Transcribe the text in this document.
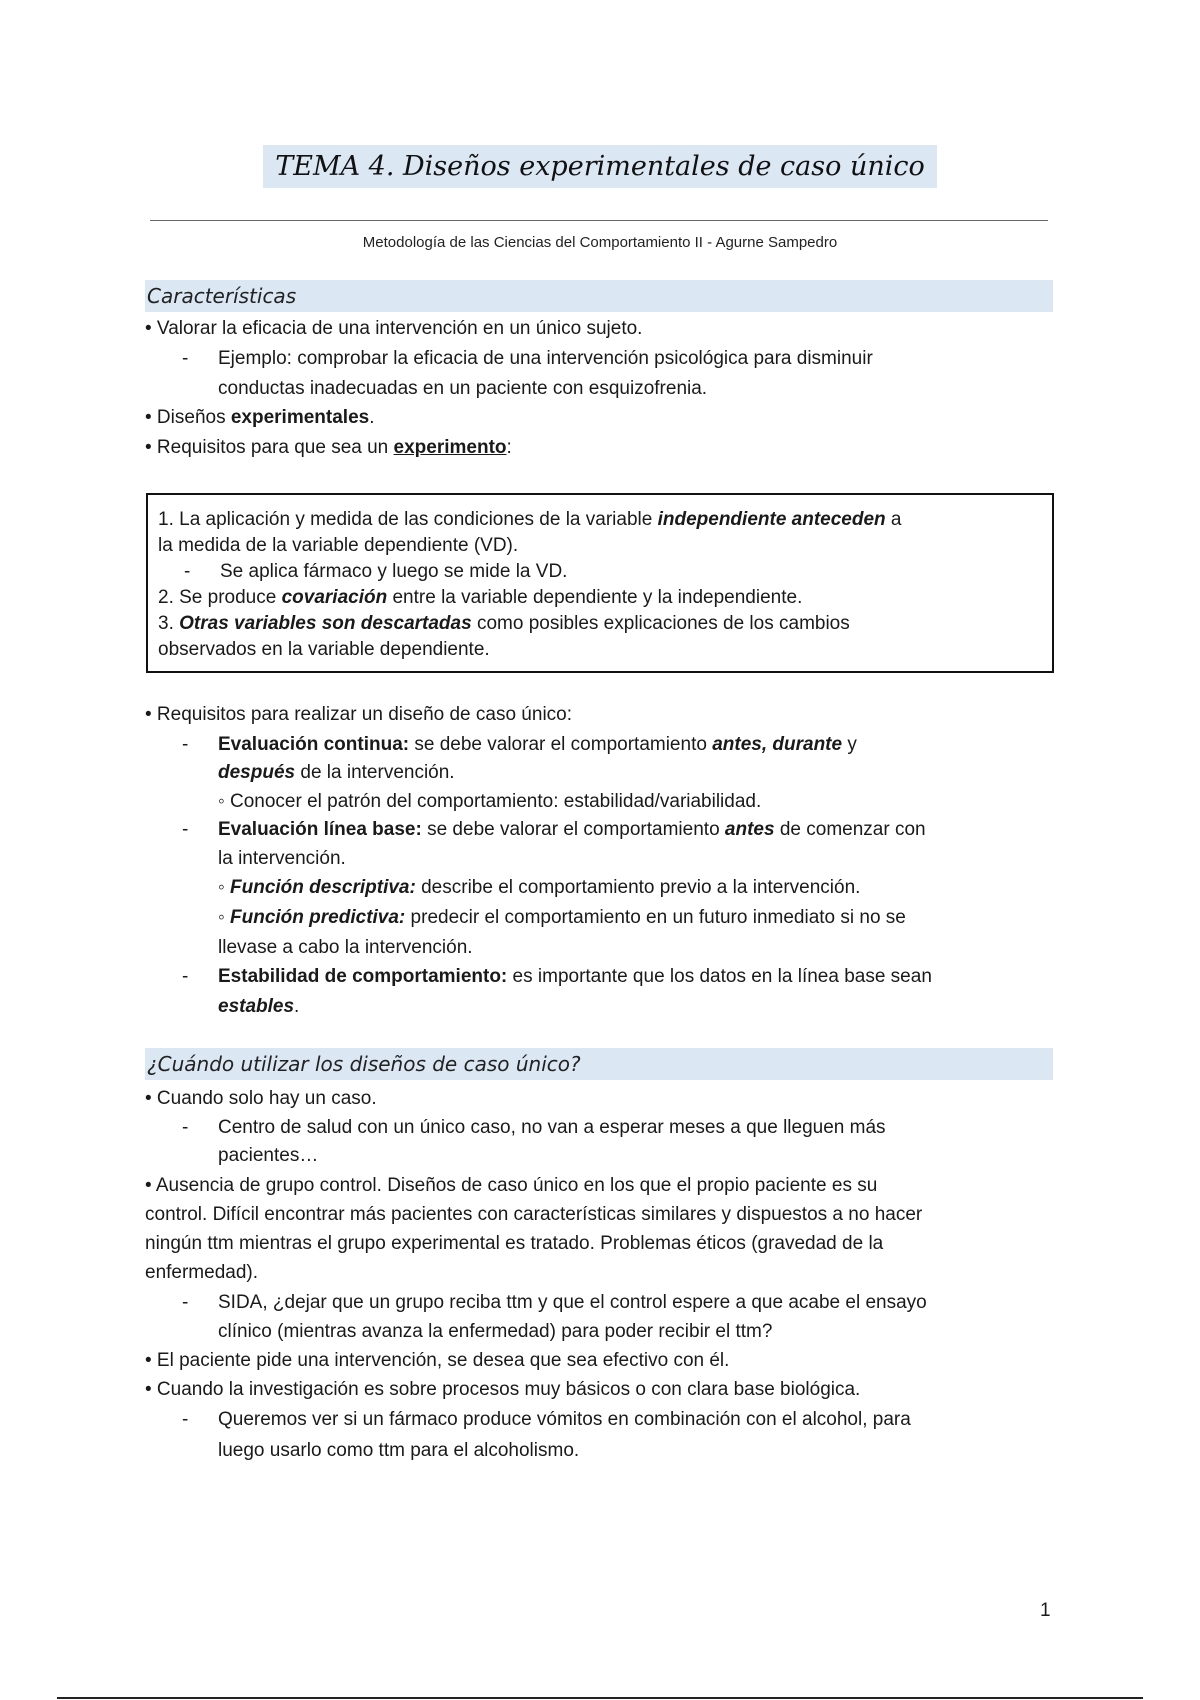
TEMA 4. Diseños experimentales de caso único
Metodología de las Ciencias del Comportamiento II - Agurne Sampedro
Características
• Valorar la eficacia de una intervención en un único sujeto.
- Ejemplo: comprobar la eficacia de una intervención psicológica para disminuir
conductas inadecuadas en un paciente con esquizofrenia.
• Diseños experimentales.
• Requisitos para que sea un experimento:
1. La aplicación y medida de las condiciones de la variable independiente anteceden a
la medida de la variable dependiente (VD).
- Se aplica fármaco y luego se mide la VD.
2. Se produce covariación entre la variable dependiente y la independiente.
3. Otras variables son descartadas como posibles explicaciones de los cambios
observados en la variable dependiente.
• Requisitos para realizar un diseño de caso único:
- Evaluación continua: se debe valorar el comportamiento antes, durante y
después de la intervención.
◦ Conocer el patrón del comportamiento: estabilidad/variabilidad.
- Evaluación línea base: se debe valorar el comportamiento antes de comenzar con
la intervención.
◦ Función descriptiva: describe el comportamiento previo a la intervención.
◦ Función predictiva: predecir el comportamiento en un futuro inmediato si no se
llevase a cabo la intervención.
- Estabilidad de comportamiento: es importante que los datos en la línea base sean
estables.
¿Cuándo utilizar los diseños de caso único?
• Cuando solo hay un caso.
- Centro de salud con un único caso, no van a esperar meses a que lleguen más
pacientes…
• Ausencia de grupo control. Diseños de caso único en los que el propio paciente es su
control. Difícil encontrar más pacientes con características similares y dispuestos a no hacer
ningún ttm mientras el grupo experimental es tratado. Problemas éticos (gravedad de la
enfermedad).
- SIDA, ¿dejar que un grupo reciba ttm y que el control espere a que acabe el ensayo
clínico (mientras avanza la enfermedad) para poder recibir el ttm?
• El paciente pide una intervención, se desea que sea efectivo con él.
• Cuando la investigación es sobre procesos muy básicos o con clara base biológica.
- Queremos ver si un fármaco produce vómitos en combinación con el alcohol, para
luego usarlo como ttm para el alcoholismo.
1
